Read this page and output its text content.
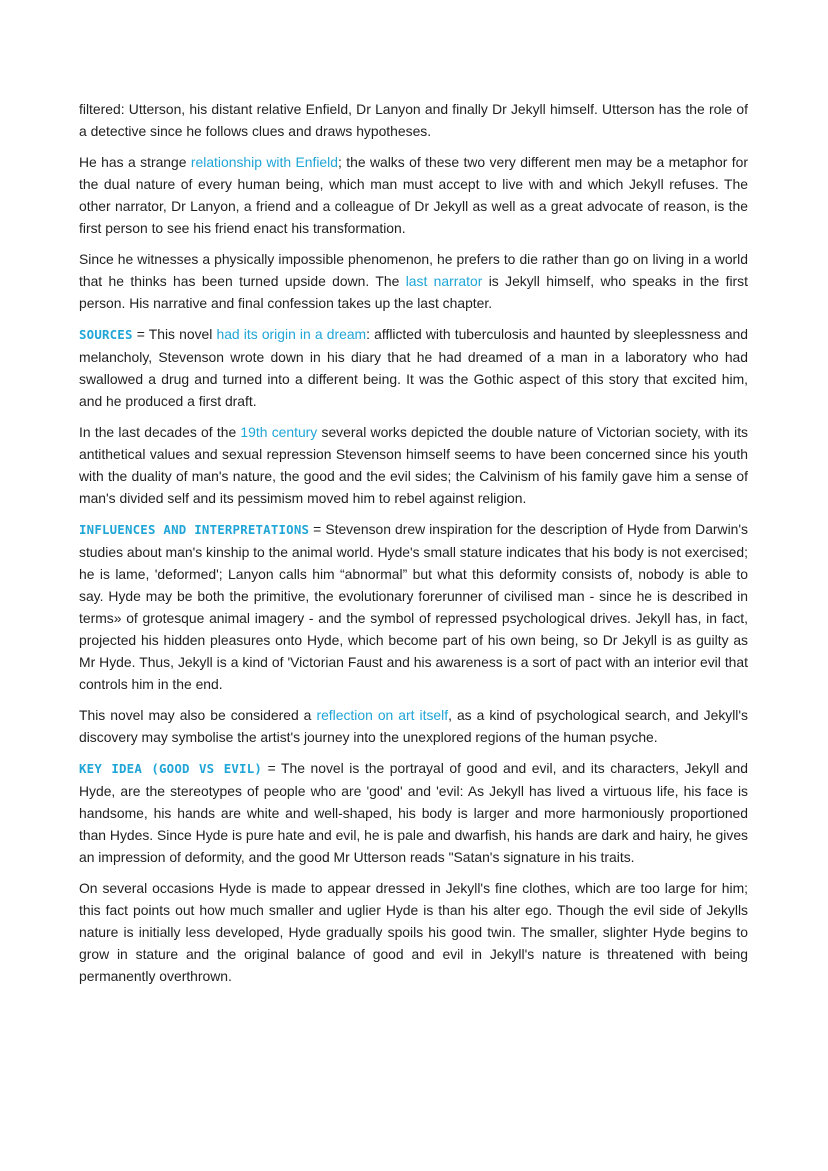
filtered: Utterson, his distant relative Enfield, Dr Lanyon and finally Dr Jekyll himself. Utterson has the role of a detective since he follows clues and draws hypotheses.

He has a strange relationship with Enfield; the walks of these two very different men may be a metaphor for the dual nature of every human being, which man must accept to live with and which Jekyll refuses. The other narrator, Dr Lanyon, a friend and a colleague of Dr Jekyll as well as a great advocate of reason, is the first person to see his friend enact his transformation.

Since he witnesses a physically impossible phenomenon, he prefers to die rather than go on living in a world that he thinks has been turned upside down. The last narrator is Jekyll himself, who speaks in the first person. His narrative and final confession takes up the last chapter.

SOURCES = This novel had its origin in a dream: afflicted with tuberculosis and haunted by sleeplessness and melancholy, Stevenson wrote down in his diary that he had dreamed of a man in a laboratory who had swallowed a drug and turned into a different being. It was the Gothic aspect of this story that excited him, and he produced a first draft.

In the last decades of the 19th century several works depicted the double nature of Victorian society, with its antithetical values and sexual repression Stevenson himself seems to have been concerned since his youth with the duality of man's nature, the good and the evil sides; the Calvinism of his family gave him a sense of man's divided self and its pessimism moved him to rebel against religion.

INFLUENCES AND INTERPRETATIONS = Stevenson drew inspiration for the description of Hyde from Darwin's studies about man's kinship to the animal world. Hyde's small stature indicates that his body is not exercised; he is lame, 'deformed'; Lanyon calls him “abnormal” but what this deformity consists of, nobody is able to say. Hyde may be both the primitive, the evolutionary forerunner of civilised man - since he is described in terms» of grotesque animal imagery - and the symbol of repressed psychological drives. Jekyll has, in fact, projected his hidden pleasures onto Hyde, which become part of his own being, so Dr Jekyll is as guilty as Mr Hyde. Thus, Jekyll is a kind of 'Victorian Faust and his awareness is a sort of pact with an interior evil that controls him in the end.

This novel may also be considered a reflection on art itself, as a kind of psychological search, and Jekyll's discovery may symbolise the artist's journey into the unexplored regions of the human psyche.

KEY IDEA (GOOD VS EVIL) = The novel is the portrayal of good and evil, and its characters, Jekyll and Hyde, are the stereotypes of people who are 'good' and 'evil: As Jekyll has lived a virtuous life, his face is handsome, his hands are white and well-shaped, his body is larger and more harmoniously proportioned than Hydes. Since Hyde is pure hate and evil, he is pale and dwarfish, his hands are dark and hairy, he gives an impression of deformity, and the good Mr Utterson reads "Satan's signature in his traits.

On several occasions Hyde is made to appear dressed in Jekyll's fine clothes, which are too large for him; this fact points out how much smaller and uglier Hyde is than his alter ego. Though the evil side of Jekylls nature is initially less developed, Hyde gradually spoils his good twin. The smaller, slighter Hyde begins to grow in stature and the original balance of good and evil in Jekyll's nature is threatened with being permanently overthrown.
